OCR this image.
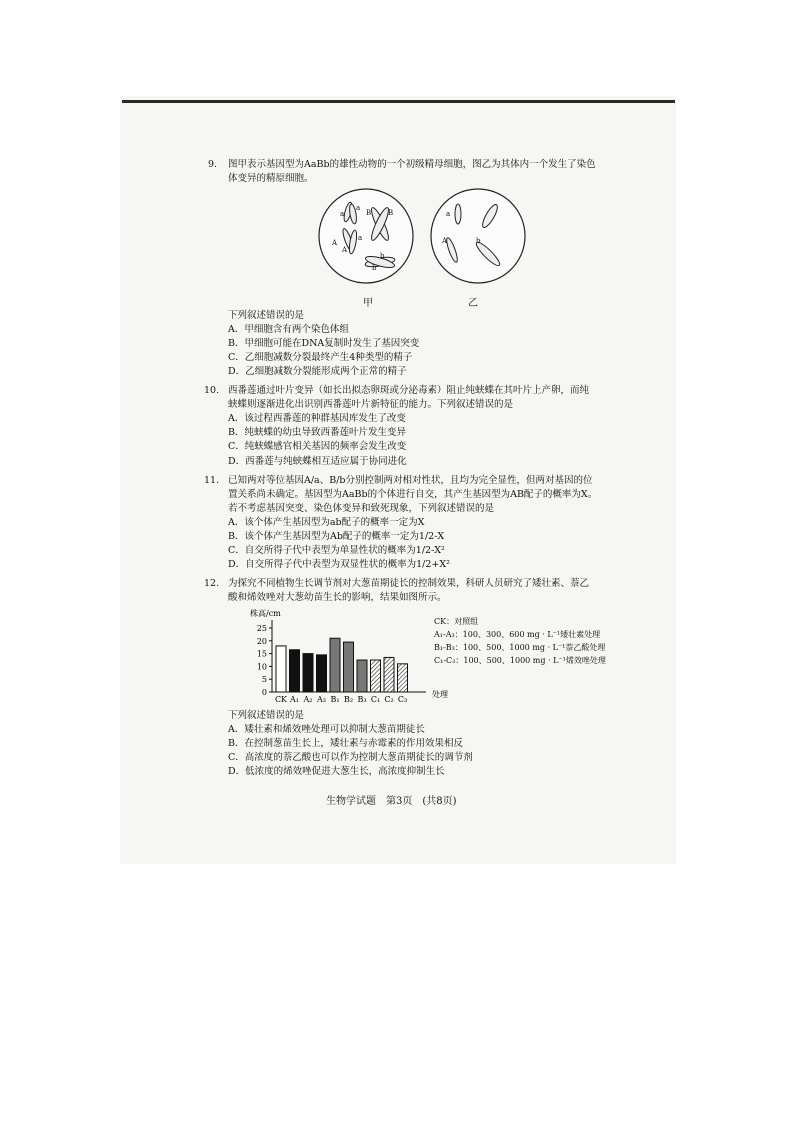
9. 图甲表示基因型为AaBb的雄性动物的一个初级精母细胞，图乙为其体内一个发生了染色
体变异的精原细胞。
a
A
a
A
a
B B
b
b
a
A	b
甲	乙
下列叙述错误的是
A．甲细胞含有两个染色体组
B．甲细胞可能在DNA复制时发生了基因突变
C．乙细胞减数分裂最终产生4种类型的精子
D．乙细胞减数分裂能形成两个正常的精子
10. 西番莲通过叶片变异（如长出拟态卵斑或分泌毒素）阻止纯蛱蝶在其叶片上产卵，而纯
蛱蝶则逐渐进化出识别西番莲叶片新特征的能力。下列叙述错误的是
A．该过程西番莲的种群基因库发生了改变
B．纯蛱蝶的幼虫导致西番莲叶片发生变异
C．纯蛱蝶感官相关基因的频率会发生改变
D．西番莲与纯蛱蝶相互适应属于协同进化
11. 已知两对等位基因A/a、B/b分别控制两对相对性状，且均为完全显性，但两对基因的位
置关系尚未确定。基因型为AaBb的个体进行自交，其产生基因型为AB配子的概率为X。
若不考虑基因突变、染色体变异和致死现象，下列叙述错误的是
A．该个体产生基因型为ab配子的概率一定为X
B．该个体产生基因型为Ab配子的概率一定为1/2-X
C．自交所得子代中表型为单显性状的概率为1/2-X²
D．自交所得子代中表型为双显性状的概率为1/2+X²
12. 为探究不同植物生长调节剂对大葱苗期徒长的控制效果，科研人员研究了矮壮素、萘乙
酸和烯效唑对大葱幼苗生长的影响，结果如图所示。
株高/cm
0
5
10
15
20
25
CK A₁ A₂ A₃ B₁ B₂ B₃ C₁ C₂ C₃
处理
CK：对照组
A₁-A₃：100、300、600 mg · L⁻¹矮壮素处理
B₁-B₃：100、500、1000 mg · L⁻¹萘乙酸处理
C₁-C₃：100、500、1000 mg · L⁻¹烯效唑处理
下列叙述错误的是
A．矮壮素和烯效唑处理可以抑制大葱苗期徒长
B．在控制葱苗生长上，矮壮素与赤霉素的作用效果相反
C．高浓度的萘乙酸也可以作为控制大葱苗期徒长的调节剂
D．低浓度的烯效唑促进大葱生长，高浓度抑制生长
生物学试题　第3页　(共8页)
